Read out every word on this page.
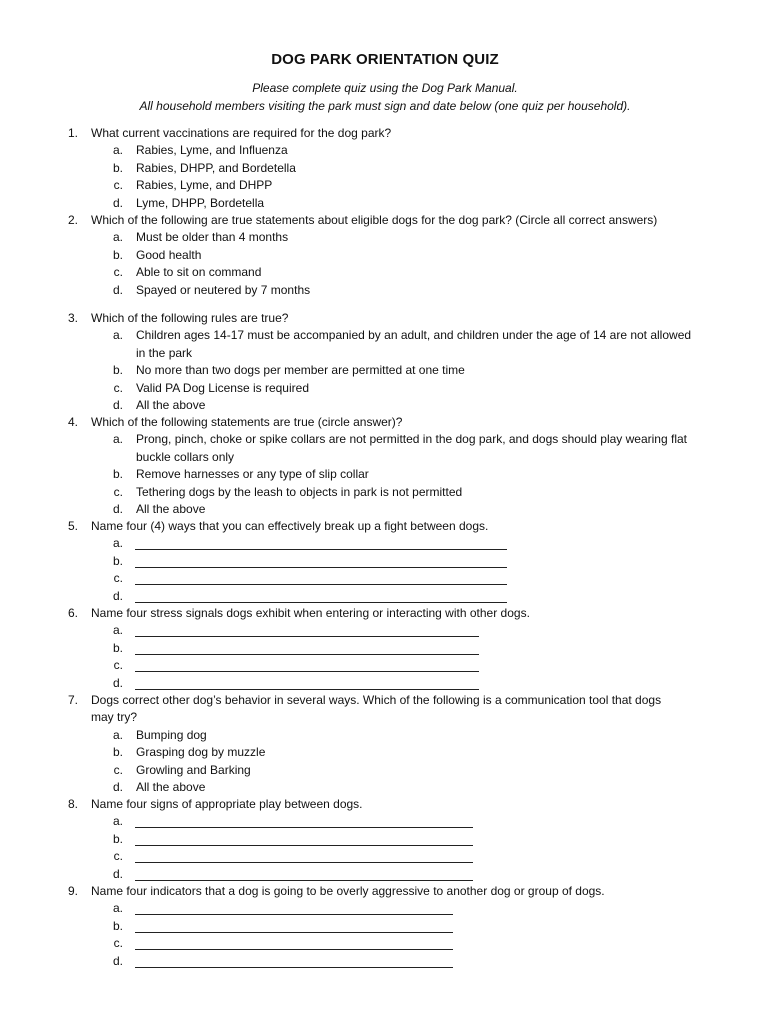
DOG PARK ORIENTATION QUIZ
Please complete quiz using the Dog Park Manual.
All household members visiting the park must sign and date below (one quiz per household).
1. What current vaccinations are required for the dog park?
a. Rabies, Lyme, and Influenza
b. Rabies, DHPP, and Bordetella
c. Rabies, Lyme, and DHPP
d. Lyme, DHPP, Bordetella
2. Which of the following are true statements about eligible dogs for the dog park? (Circle all correct answers)
a. Must be older than 4 months
b. Good health
c. Able to sit on command
d. Spayed or neutered by 7 months
3. Which of the following rules are true?
a. Children ages 14-17 must be accompanied by an adult, and children under the age of 14 are not allowed
in the park
b. No more than two dogs per member are permitted at one time
c. Valid PA Dog License is required
d. All the above
4. Which of the following statements are true (circle answer)?
a. Prong, pinch, choke or spike collars are not permitted in the dog park, and dogs should play wearing flat
buckle collars only
b. Remove harnesses or any type of slip collar
c. Tethering dogs by the leash to objects in park is not permitted
d. All the above
5. Name four (4) ways that you can effectively break up a fight between dogs.
a.
b.
c.
d.
6. Name four stress signals dogs exhibit when entering or interacting with other dogs.
a.
b.
c.
d.
7. Dogs correct other dog’s behavior in several ways. Which of the following is a communication tool that dogs
may try?
a. Bumping dog
b. Grasping dog by muzzle
c. Growling and Barking
d. All the above
8. Name four signs of appropriate play between dogs.
a.
b.
c.
d.
9. Name four indicators that a dog is going to be overly aggressive to another dog or group of dogs.
a.
b.
c.
d.
